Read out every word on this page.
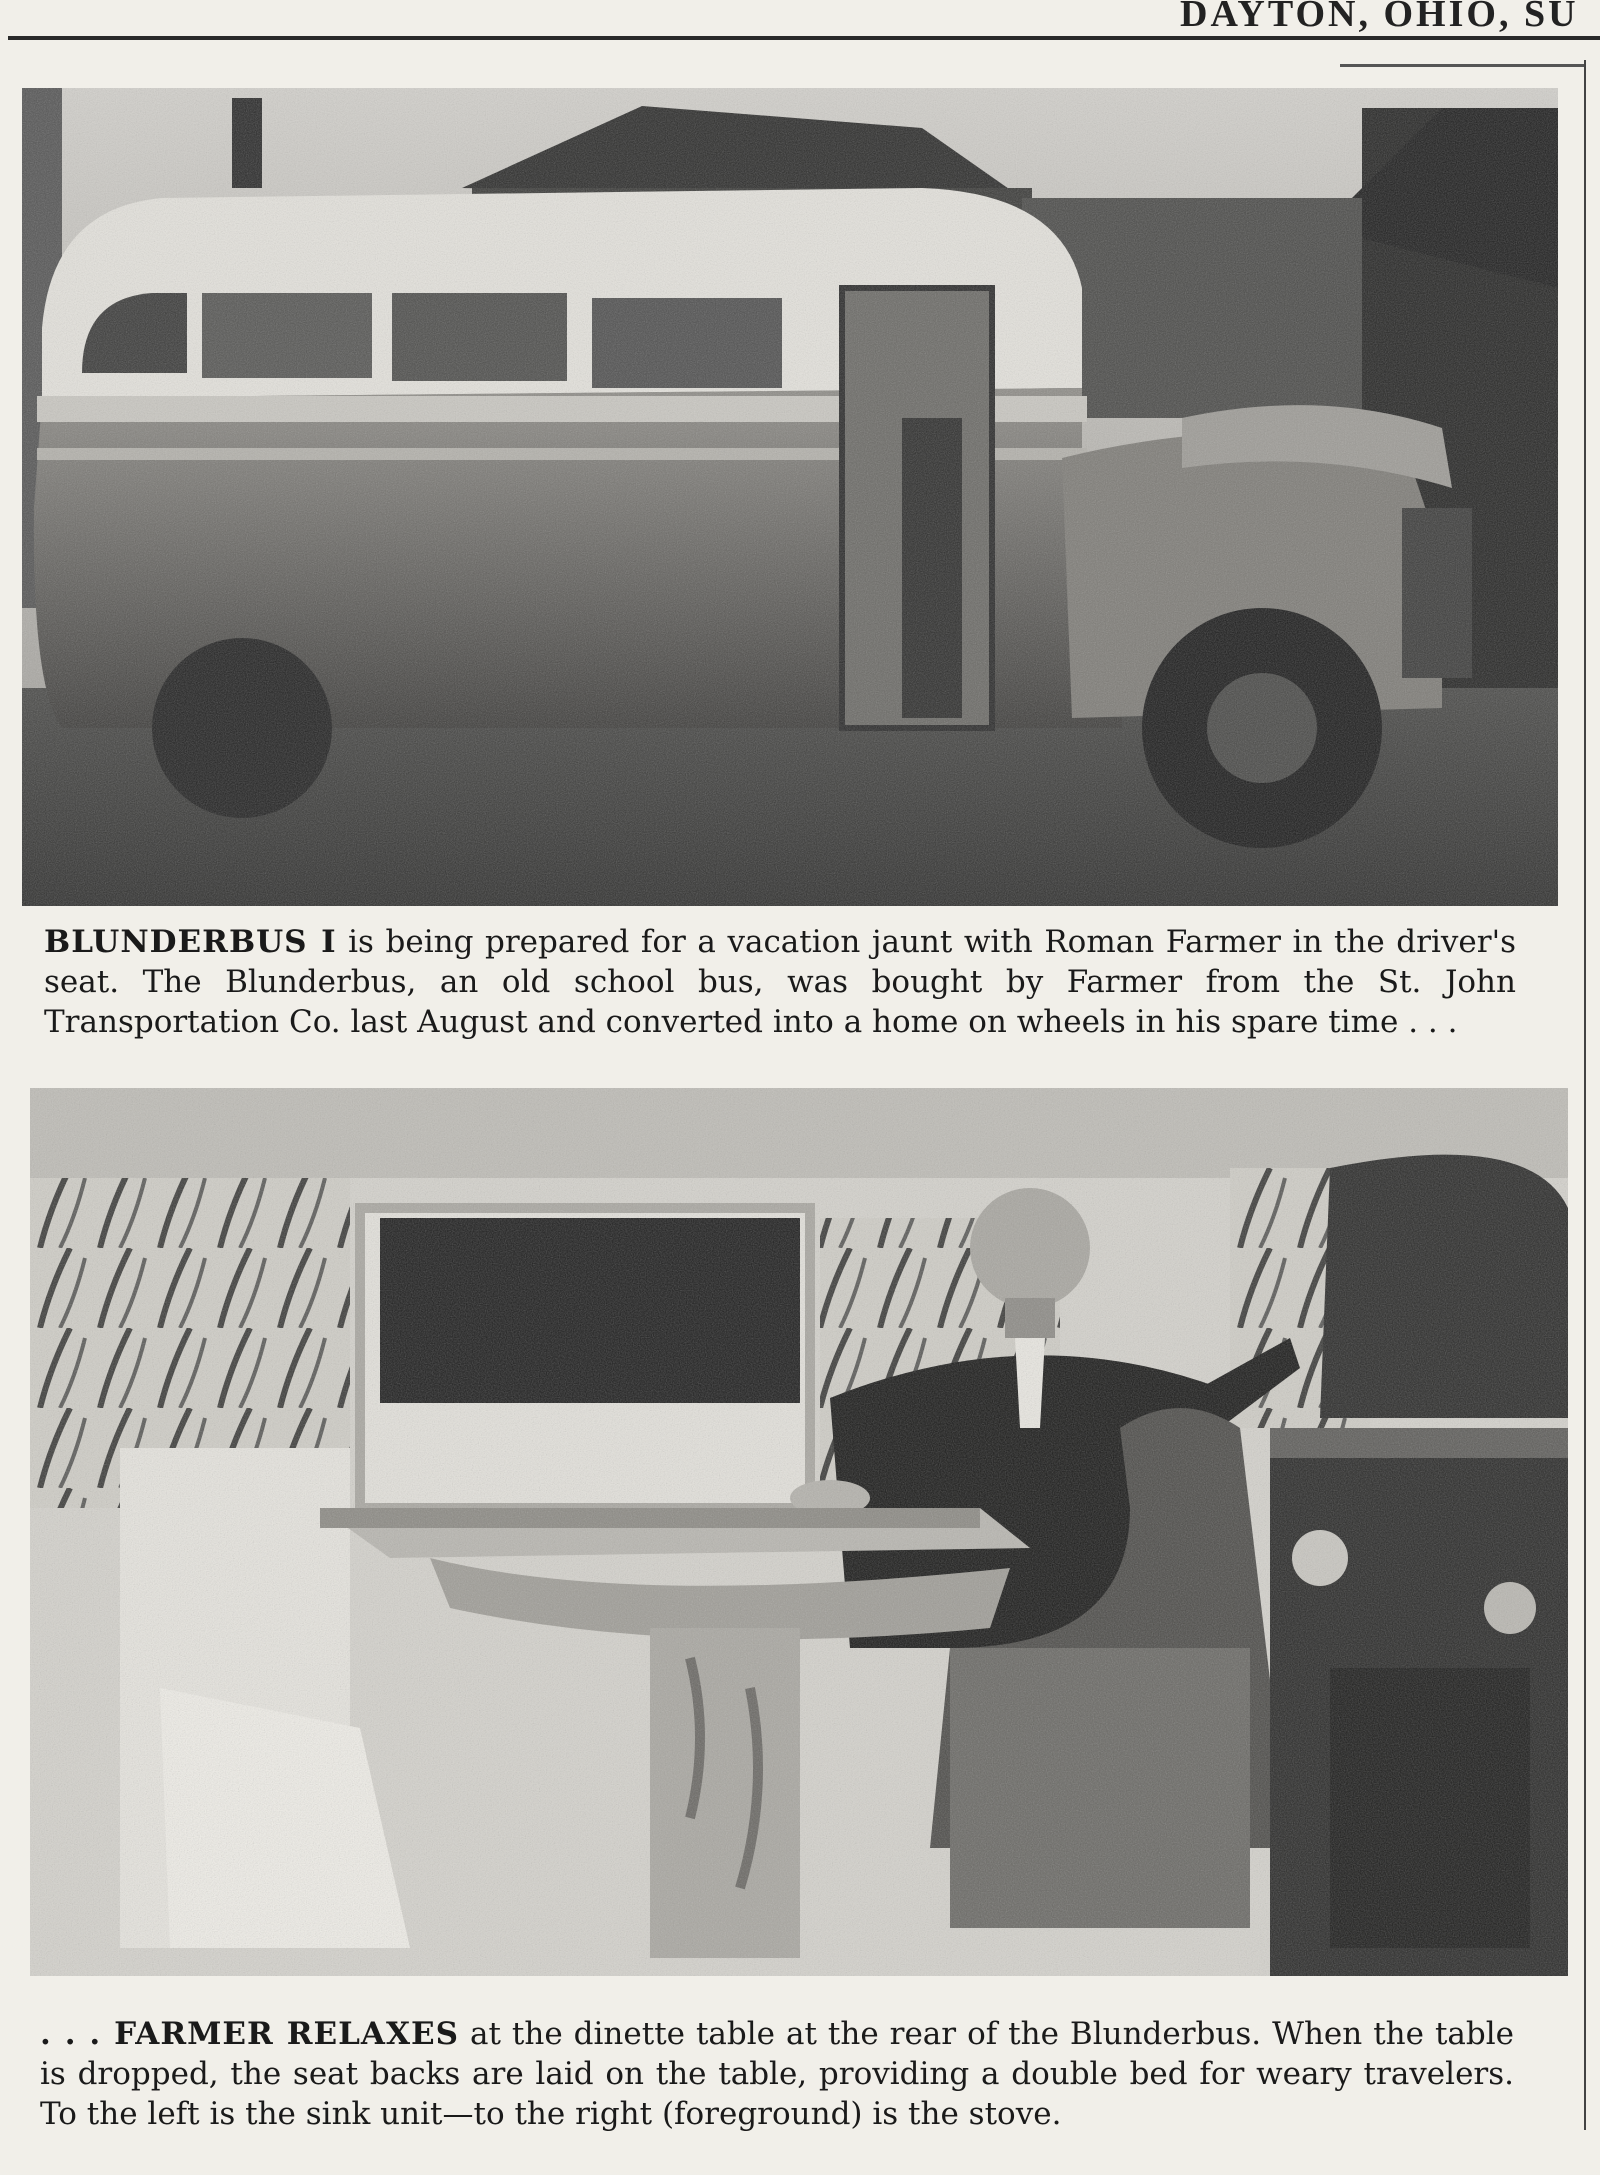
DAYTON, OHIO, SU
BLUNDERBUS I is being prepared for a vacation jaunt with Roman Farmer in the driver's seat. The Blunderbus, an old school bus, was bought by Farmer from the St. John Transportation Co. last August and converted into a home on wheels in his spare time . . .
. . . FARMER RELAXES at the dinette table at the rear of the Blunderbus. When the table is dropped, the seat backs are laid on the table, providing a double bed for weary travelers. To the left is the sink unit—to the right (foreground) is the stove.
